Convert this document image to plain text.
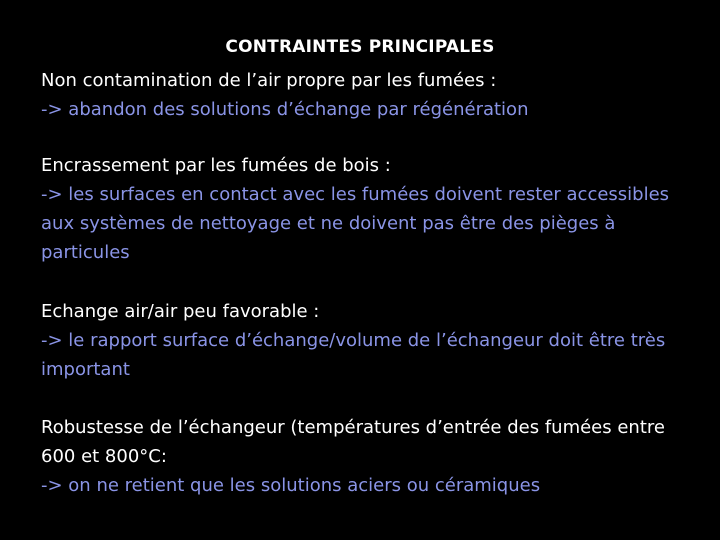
CONTRAINTES PRINCIPALES
Non contamination de l’air propre par les fumées :
-> abandon des solutions d’échange par régénération
Encrassement par les fumées de bois :
-> les surfaces en contact avec les fumées doivent rester accessibles aux systèmes de nettoyage et ne doivent pas être des pièges à particules
Echange air/air peu favorable :
-> le rapport surface d’échange/volume de l’échangeur doit être très important
Robustesse de l’échangeur (températures d’entrée des fumées entre 600 et 800°C:
-> on ne retient que les solutions aciers ou céramiques
